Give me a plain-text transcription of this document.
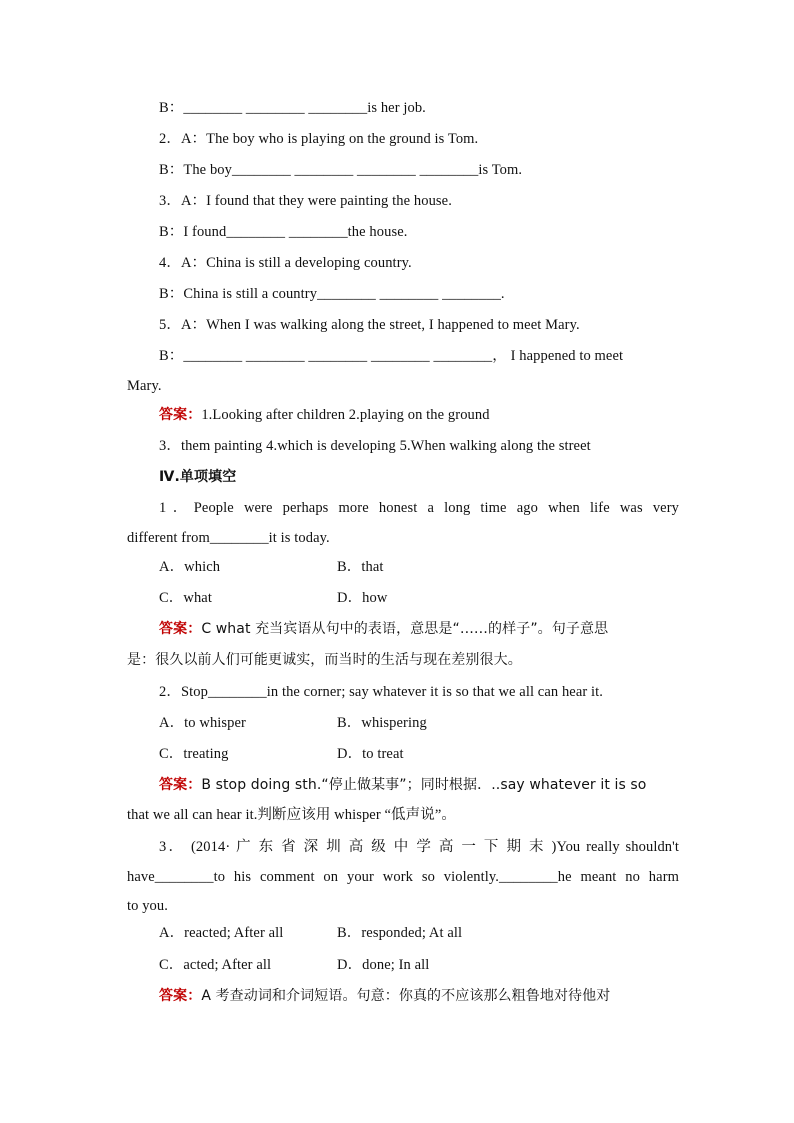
B：________ ________ ________is her job.
2．A：The boy who is playing on the ground is Tom.
B：The boy________ ________ ________ ________is Tom.
3．A：I found that they were painting the house.
B：I found________ ________the house.
4．A：China is still a developing country.
B：China is still a country________ ________ ________.
5．A：When I was walking along the street, I happened to meet Mary.
B：________ ________ ________ ________ ________， I happened to meet
Mary.
答案：1.Looking after children 2.playing on the ground
3．them painting 4.which is developing 5.When walking along the street
Ⅳ.单项填空
1．People were perhaps more honest a long time ago when life was very
different from________it is today.
A．which	B．that
C．what	D．how
答案：C what 充当宾语从句中的表语，意思是“……的样子”。句子意思
是：很久以前人们可能更诚实，而当时的生活与现在差别很大。
2．Stop________in the corner; say whatever it is so that we all can hear it.
A．to whisper	B．whispering
C．treating	D．to treat
答案：B stop doing sth.“停止做某事”；同时根据．..say whatever it is so
that we all can hear it.判断应该用 whisper “低声说”。
3． (2014· 广 东 省 深 圳 高 级 中 学 高 一 下 期 末 )You really shouldn't
have________to his comment on your work so violently.________he meant no harm
to you.
A．reacted; After all	B．responded; At all
C．acted; After all	D．done; In all
答案：A 考查动词和介词短语。句意：你真的不应该那么粗鲁地对待他对
